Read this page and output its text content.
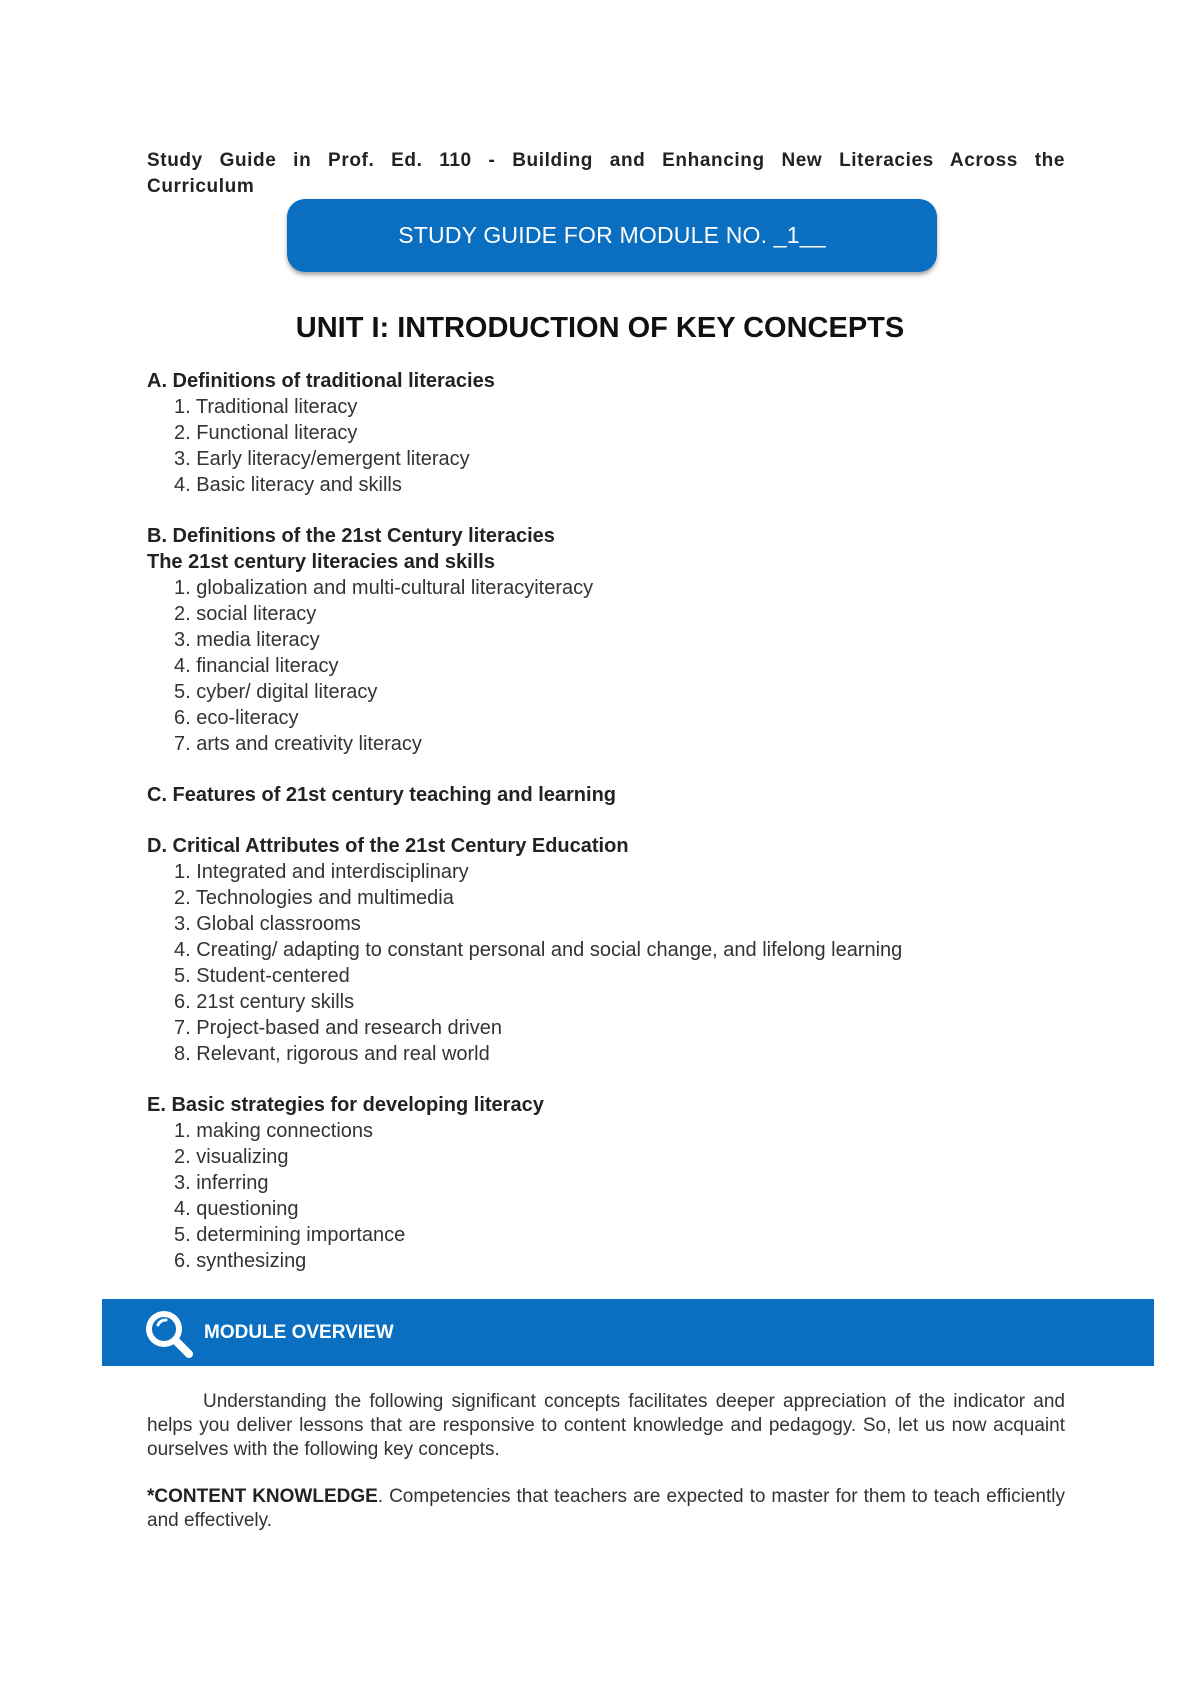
Study Guide in Prof. Ed. 110 - Building and Enhancing New Literacies Across the Curriculum
STUDY GUIDE FOR MODULE NO. _1__
UNIT I: INTRODUCTION OF KEY CONCEPTS
A. Definitions of traditional literacies
1. Traditional literacy
2. Functional literacy
3. Early literacy/emergent literacy
4. Basic literacy and skills
B. Definitions of the 21st Century literacies
The 21st century literacies and skills
1. globalization and multi-cultural literacyiteracy
2. social literacy
3. media literacy
4. financial literacy
5. cyber/ digital literacy
6. eco-literacy
7. arts and creativity literacy
C. Features of 21st century teaching and learning
D. Critical Attributes of the 21st Century Education
1. Integrated and interdisciplinary
2. Technologies and multimedia
3. Global classrooms
4. Creating/ adapting to constant personal and social change, and lifelong learning
5. Student-centered
6. 21st century skills
7. Project-based and research driven
8. Relevant, rigorous and real world
E. Basic strategies for developing literacy
1. making connections
2. visualizing
3. inferring
4. questioning
5. determining importance
6. synthesizing
MODULE OVERVIEW

Understanding the following significant concepts facilitates deeper appreciation of the indicator and helps you deliver lessons that are responsive to content knowledge and pedagogy. So, let us now acquaint ourselves with the following key concepts.

*CONTENT KNOWLEDGE. Competencies that teachers are expected to master for them to teach efficiently and effectively.
